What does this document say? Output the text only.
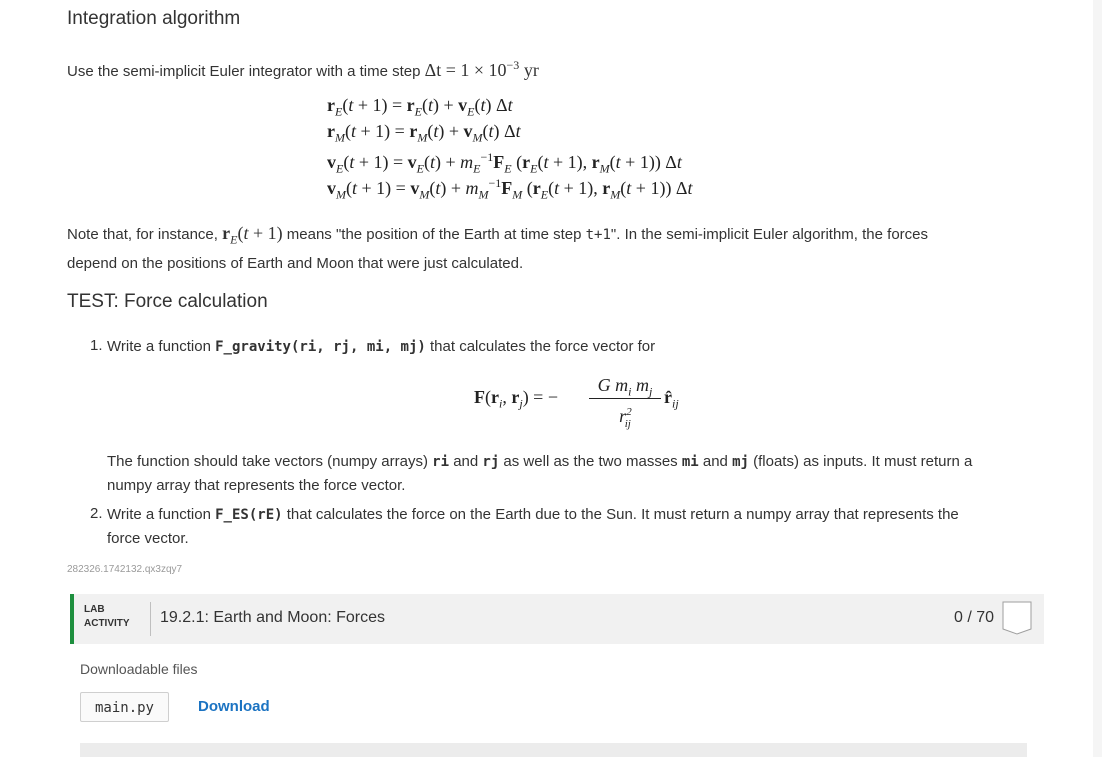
Integration algorithm
Use the semi-implicit Euler integrator with a time step $\Delta t = 1 \times 10^{-3}$ yr
$r_E(t + 1) = r_E(t) + v_E(t)$ Δt
$r_M(t + 1) = r_M(t) + v_M(t)$ Δt
$v_E(t + 1) = v_E(t) + m_E^{-1}F_E$ ($r_E(t + 1)$, $r_M(t + 1)$) Δt
$v_M(t + 1) = v_M(t) + m_M^{-1}F_M$ ($r_E(t + 1)$, $r_M(t + 1)$) Δt
Note that, for instance, $r_E(t + 1)$ means "the position of the Earth at time step t+1". In the semi-implicit Euler algorithm, the forces
depend on the positions of Earth and Moon that were just calculated.
TEST: Force calculation
1. Write a function F_gravity(ri, rj, mi, mj) that calculates the force vector for
$F(r_i$, $r_j$) = −
G $m_i$ $m_j$
$r^2_{ij}$
$r̂_{ij}$
The function should take vectors (numpy arrays) ri and rj as well as the two masses mi and mj (floats) as inputs. It must return a
numpy array that represents the force vector.
2. Write a function F_ES(rE) that calculates the force on the Earth due to the Sun. It must return a numpy array that represents the
force vector.
282326.1742132.qx3zqy7
LAB
ACTIVITY	19.2.1: Earth and Moon: Forces	0 / 70
Downloadable files
main.py	Download
